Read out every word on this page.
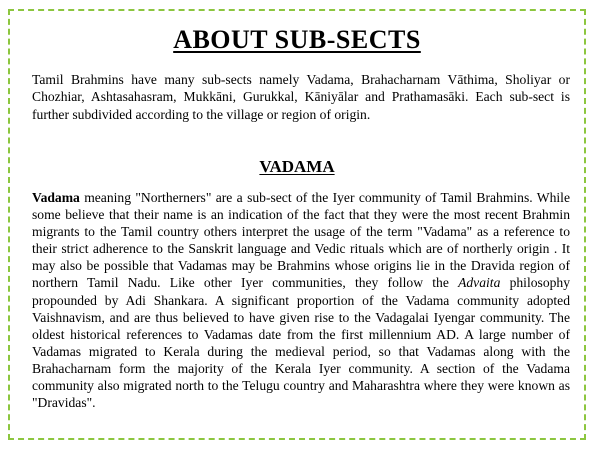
ABOUT SUB-SECTS

Tamil Brahmins have many sub-sects namely Vadama, Brahacharnam Vāthima, Sholiyar or Chozhiar, Ashtasahasram, Mukkāni, Gurukkal, Kāniyālar and Prathamasāki. Each sub-sect is further subdivided according to the village or region of origin.

VADAMA

Vadama meaning "Northerners" are a sub-sect of the Iyer community of Tamil Brahmins. While some believe that their name is an indication of the fact that they were the most recent Brahmin migrants to the Tamil country others interpret the usage of the term "Vadama" as a reference to their strict adherence to the Sanskrit language and Vedic rituals which are of northerly origin . It may also be possible that Vadamas may be Brahmins whose origins lie in the Dravida region of northern Tamil Nadu. Like other Iyer communities, they follow the Advaita philosophy propounded by Adi Shankara. A significant proportion of the Vadama community adopted Vaishnavism, and are thus believed to have given rise to the Vadagalai Iyengar community. The oldest historical references to Vadamas date from the first millennium AD. A large number of Vadamas migrated to Kerala during the medieval period, so that Vadamas along with the Brahacharnam form the majority of the Kerala Iyer community. A section of the Vadama community also migrated north to the Telugu country and Maharashtra where they were known as "Dravidas".
